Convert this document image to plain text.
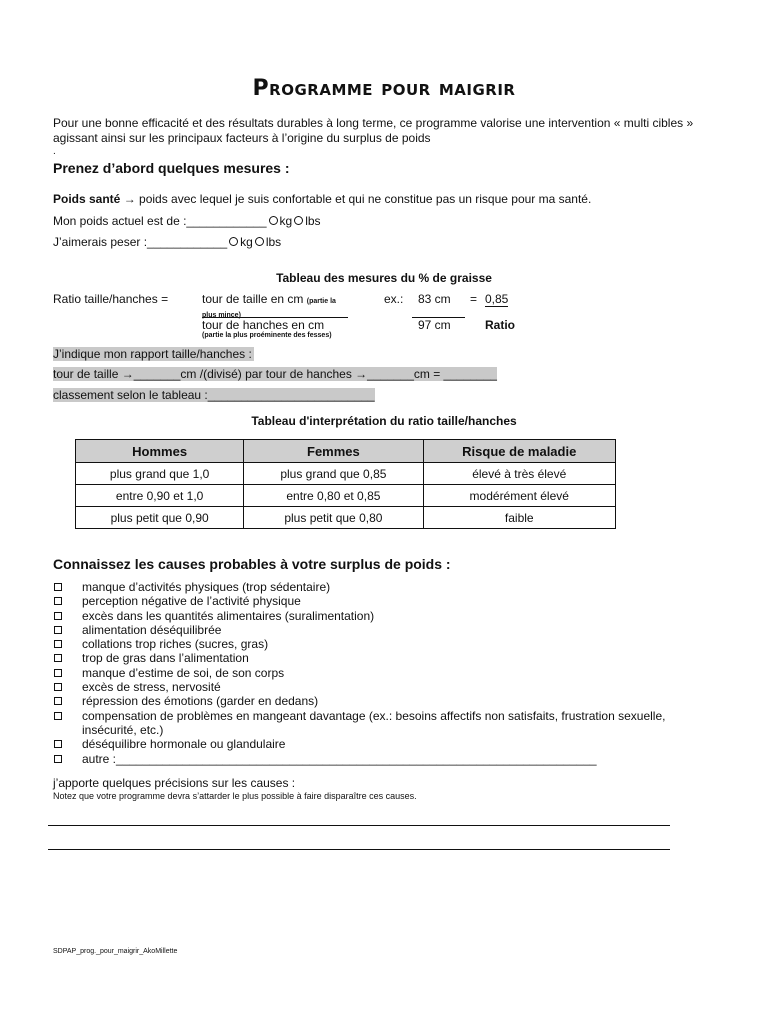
Programme pour maigrir
Pour une bonne efficacité et des résultats durables à long terme, ce programme valorise une intervention « multi cibles » agissant ainsi sur les principaux facteurs à l’origine du surplus de poids
.
Prenez d’abord quelques mesures :
Poids santé → poids avec lequel je suis confortable et qui ne constitue pas un risque pour ma santé.
Mon poids actuel est de :____________ kg lbs
J’aimerais peser :____________ kg lbs
Tableau des mesures du % de graisse
Ratio taille/hanches =	tour de taille en cm (partie la plus mince)
tour de hanches en cm
(partie la plus proéminente des fesses)
ex.: 83 cm
97 cm
= 0,85
Ratio
J’indique mon rapport taille/hanches :
tour de taille →_______cm /(divisé) par tour de hanches →_______cm = ________
classement selon le tableau :_________________________
Tableau d'interprétation du ratio taille/hanches
Hommes	Femmes	Risque de maladie
plus grand que 1,0	plus grand que 0,85	élevé à très élevé
entre 0,90 et 1,0	entre 0,80 et 0,85	modérément élevé
plus petit que 0,90	plus petit que 0,80	faible
Connaissez les causes probables à votre surplus de poids :
manque d’activités physiques (trop sédentaire)
perception négative de l’activité physique
excès dans les quantités alimentaires (suralimentation)
alimentation déséquilibrée
collations trop riches (sucres, gras)
trop de gras dans l’alimentation
manque d’estime de soi, de son corps
excès de stress, nervosité
répression des émotions (garder en dedans)
compensation de problèmes en mangeant davantage (ex.: besoins affectifs non satisfaits, frustration sexuelle, insécurité, etc.)
déséquilibre hormonale ou glandulaire
autre :________________________________________________________________________
j’apporte quelques précisions sur les causes :
Notez que votre programme devra s’attarder le plus possible à faire disparaître ces causes.
SDPAP_prog._pour_maigrir_AkoMillette
